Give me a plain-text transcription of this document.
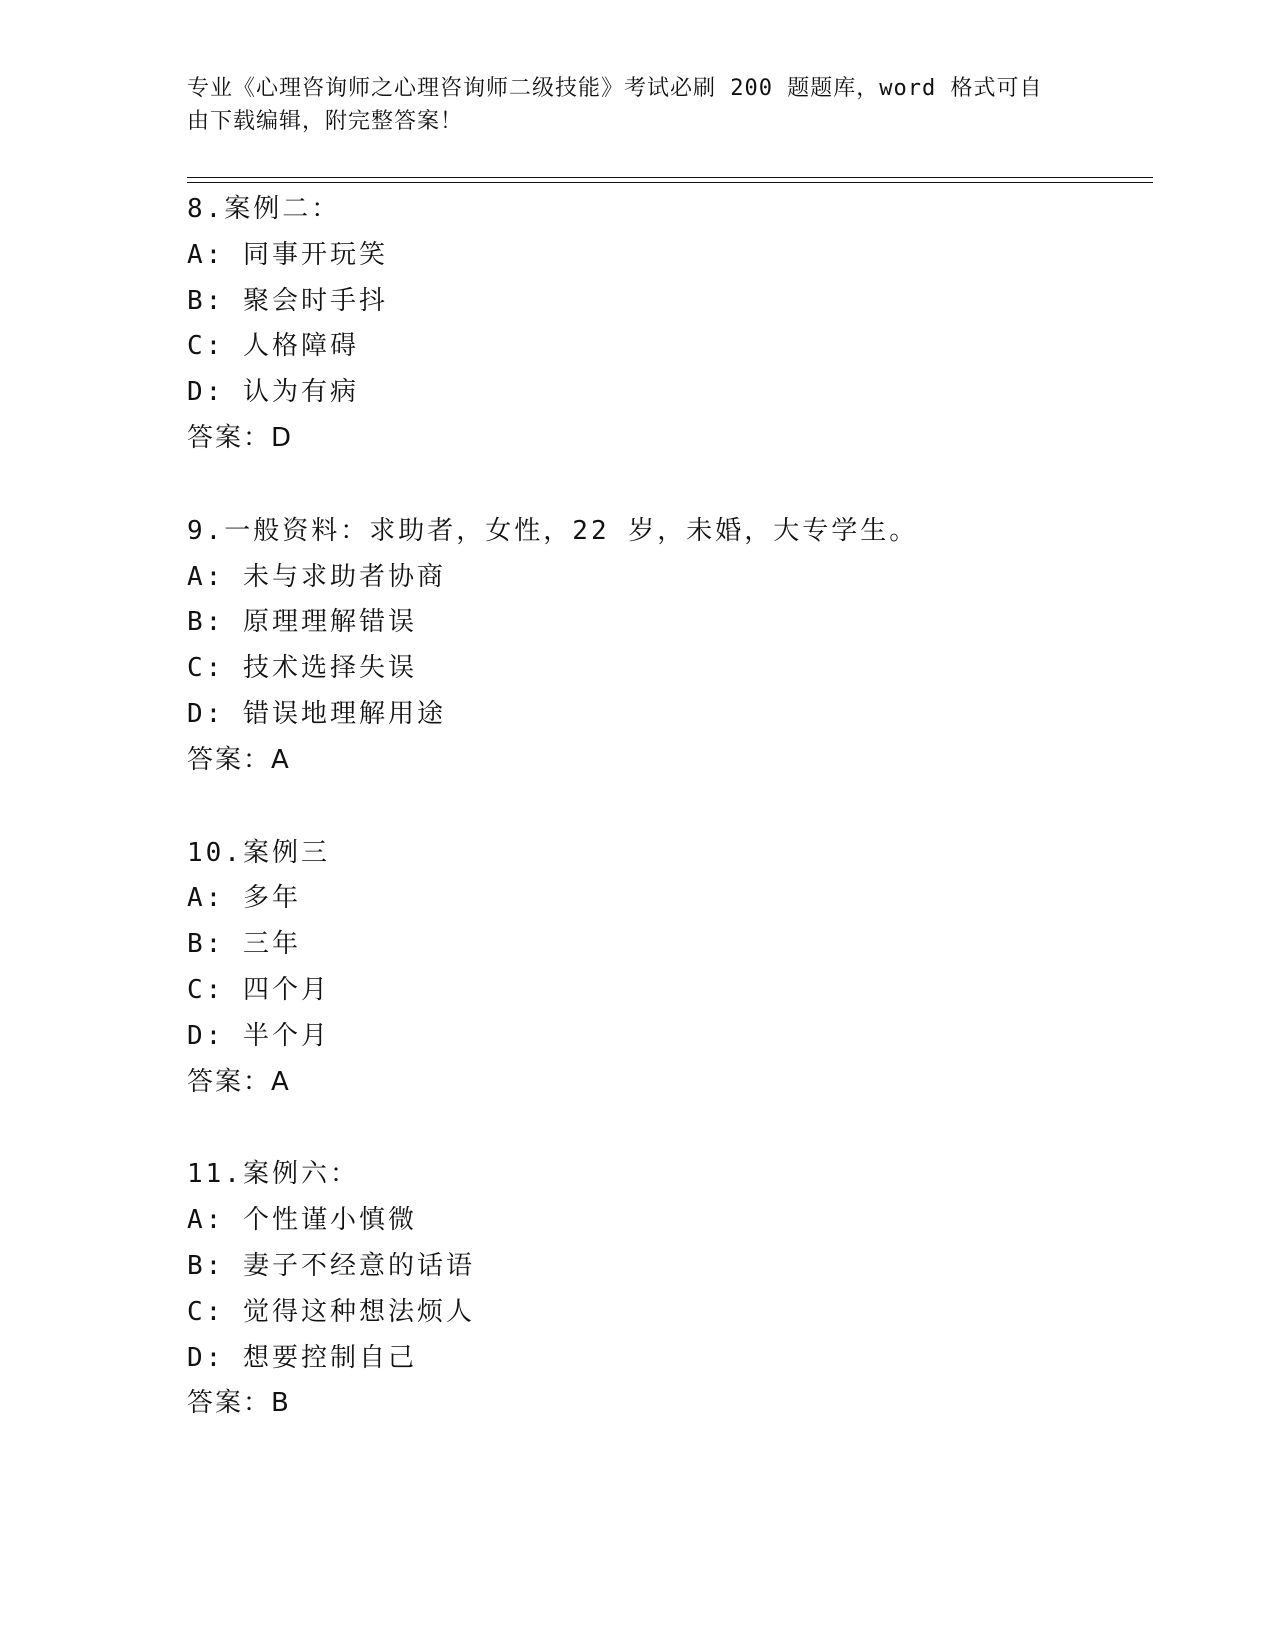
专业《心理咨询师之心理咨询师二级技能》考试必刷 200 题题库，word 格式可自
由下载编辑，附完整答案！
8.案例二：
A: 同事开玩笑
B: 聚会时手抖
C: 人格障碍
D: 认为有病
答案：D
9.一般资料：求助者，女性，22 岁，未婚，大专学生。
A: 未与求助者协商
B: 原理理解错误
C: 技术选择失误
D: 错误地理解用途
答案：A
10.案例三
A: 多年
B: 三年
C: 四个月
D: 半个月
答案：A
11.案例六：
A: 个性谨小慎微
B: 妻子不经意的话语
C: 觉得这种想法烦人
D: 想要控制自己
答案：B
